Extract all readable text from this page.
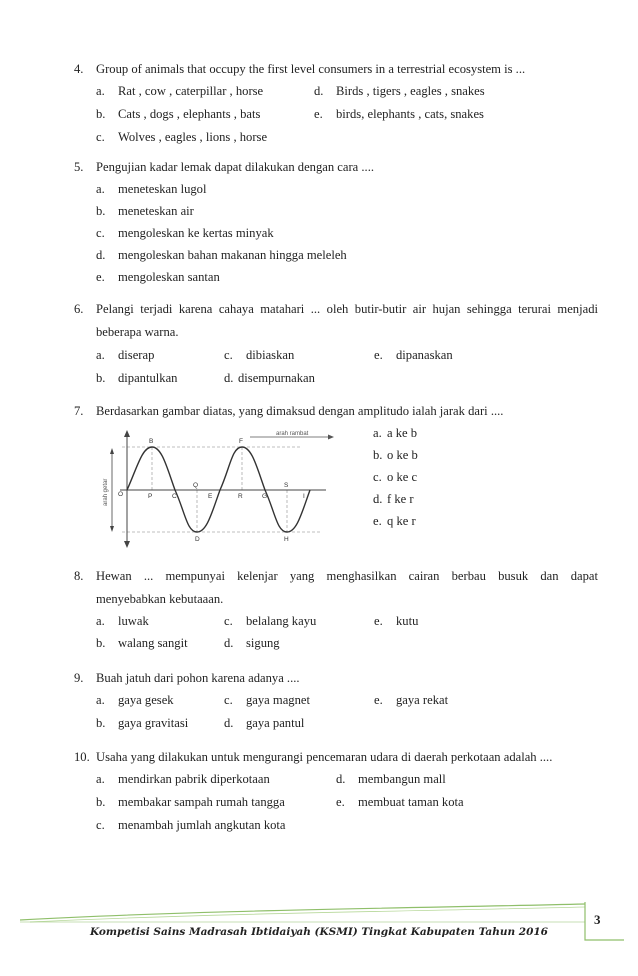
4. Group of animals that occupy the first level consumers in a terrestrial ecosystem is ...
a. Rat , cow , caterpillar , horse
b. Cats , dogs , elephants , bats
c. Wolves , eagles , lions , horse
d. Birds , tigers , eagles , snakes
e. birds, elephants , cats, snakes
5. Pengujian kadar lemak dapat dilakukan dengan cara ....
a. meneteskan lugol
b. meneteskan air
c. mengoleskan ke kertas minyak
d. mengoleskan bahan makanan hingga meleleh
e. mengoleskan santan
6. Pelangi terjadi karena cahaya matahari ... oleh butir-butir air hujan sehingga terurai menjadi
beberapa warna.
a. diserap
b. dipantulkan
c. dibiaskan
d. disempurnakan
e. dipanaskan
7. Berdasarkan gambar diatas, yang dimaksud dengan amplitudo ialah jarak dari ....
a. a ke b
b. o ke b
c. o ke c
d. f ke r
e. q ke r
arah getar
arah rambat
B	F
O	P	C
Q
E	R	G
S
I
D	H
8. Hewan ... mempunyai kelenjar yang menghasilkan cairan berbau busuk dan dapat
menyebabkan kebutaaan.
a. luwak
b. walang sangit
c. belalang kayu
d. sigung
e. kutu
9. Buah jatuh dari pohon karena adanya ....
a. gaya gesek
b. gaya gravitasi
c. gaya magnet
d. gaya pantul
e. gaya rekat
10. Usaha yang dilakukan untuk mengurangi pencemaran udara di daerah perkotaan adalah ....
a. mendirkan pabrik diperkotaan
b. membakar sampah rumah tangga
c. menambah jumlah angkutan kota
d. membangun mall
e. membuat taman kota
Kompetisi Sains Madrasah Ibtidaiyah (KSMI) Tingkat Kabupaten Tahun 2016
3
